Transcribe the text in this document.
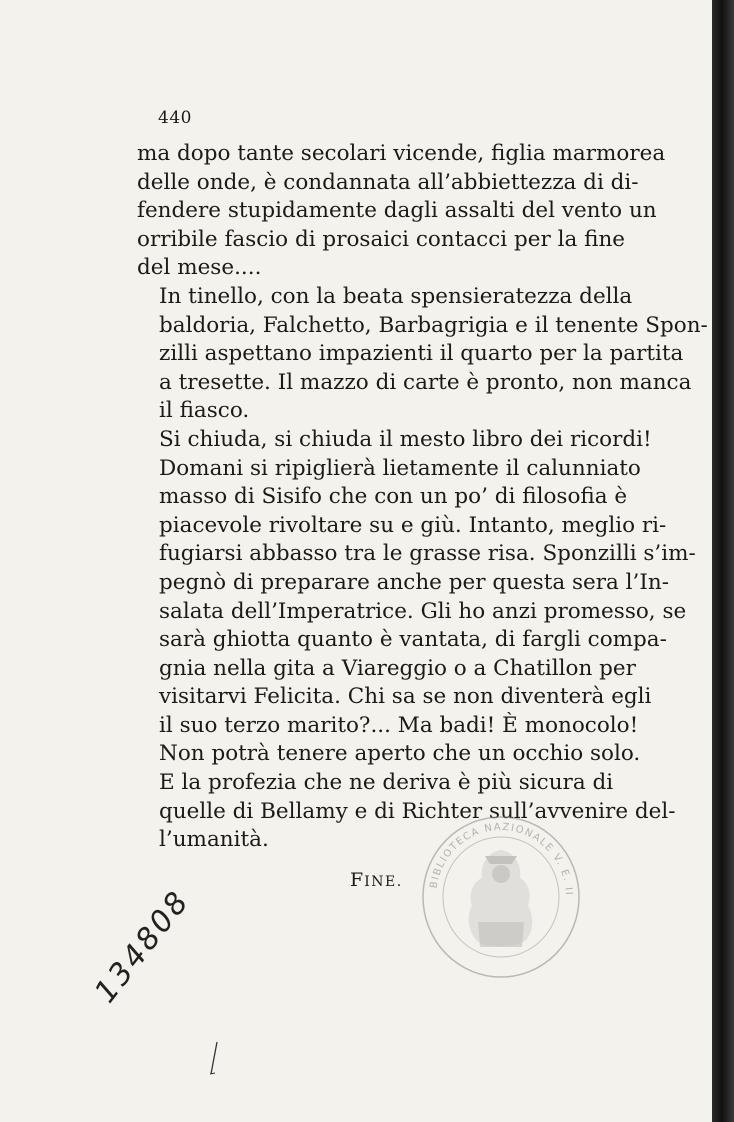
440

ma dopo tante secolari vicende, figlia marmorea
delle onde, è condannata all’abbiettezza di di-
fendere stupidamente dagli assalti del vento un
orribile fascio di prosaici contacci per la fine
del mese....

In tinello, con la beata spensieratezza della
baldoria, Falchetto, Barbagrigia e il tenente Spon-
zilli aspettano impazienti il quarto per la partita
a tresette. Il mazzo di carte è pronto, non manca
il fiasco.

Si chiuda, si chiuda il mesto libro dei ricordi!
Domani si ripiglierà lietamente il calunniato
masso di Sisifo che con un po’ di filosofia è
piacevole rivoltare su e giù. Intanto, meglio ri-
fugiarsi abbasso tra le grasse risa. Sponzilli s’im-
pegnò di preparare anche per questa sera l’In-
salata dell’Imperatrice. Gli ho anzi promesso, se
sarà ghiotta quanto è vantata, di fargli compa-
gnia nella gita a Viareggio o a Chatillon per
visitarvi Felicita. Chi sa se non diventerà egli
il suo terzo marito?... Ma badi! È monocolo!
Non potrà tenere aperto che un occhio solo.
E la profezia che ne deriva è più sicura di
quelle di Bellamy e di Richter sull’avvenire del-
l’umanità.

FINE.	BIBLIOTECA NAZIONALE V. E. II
134808
